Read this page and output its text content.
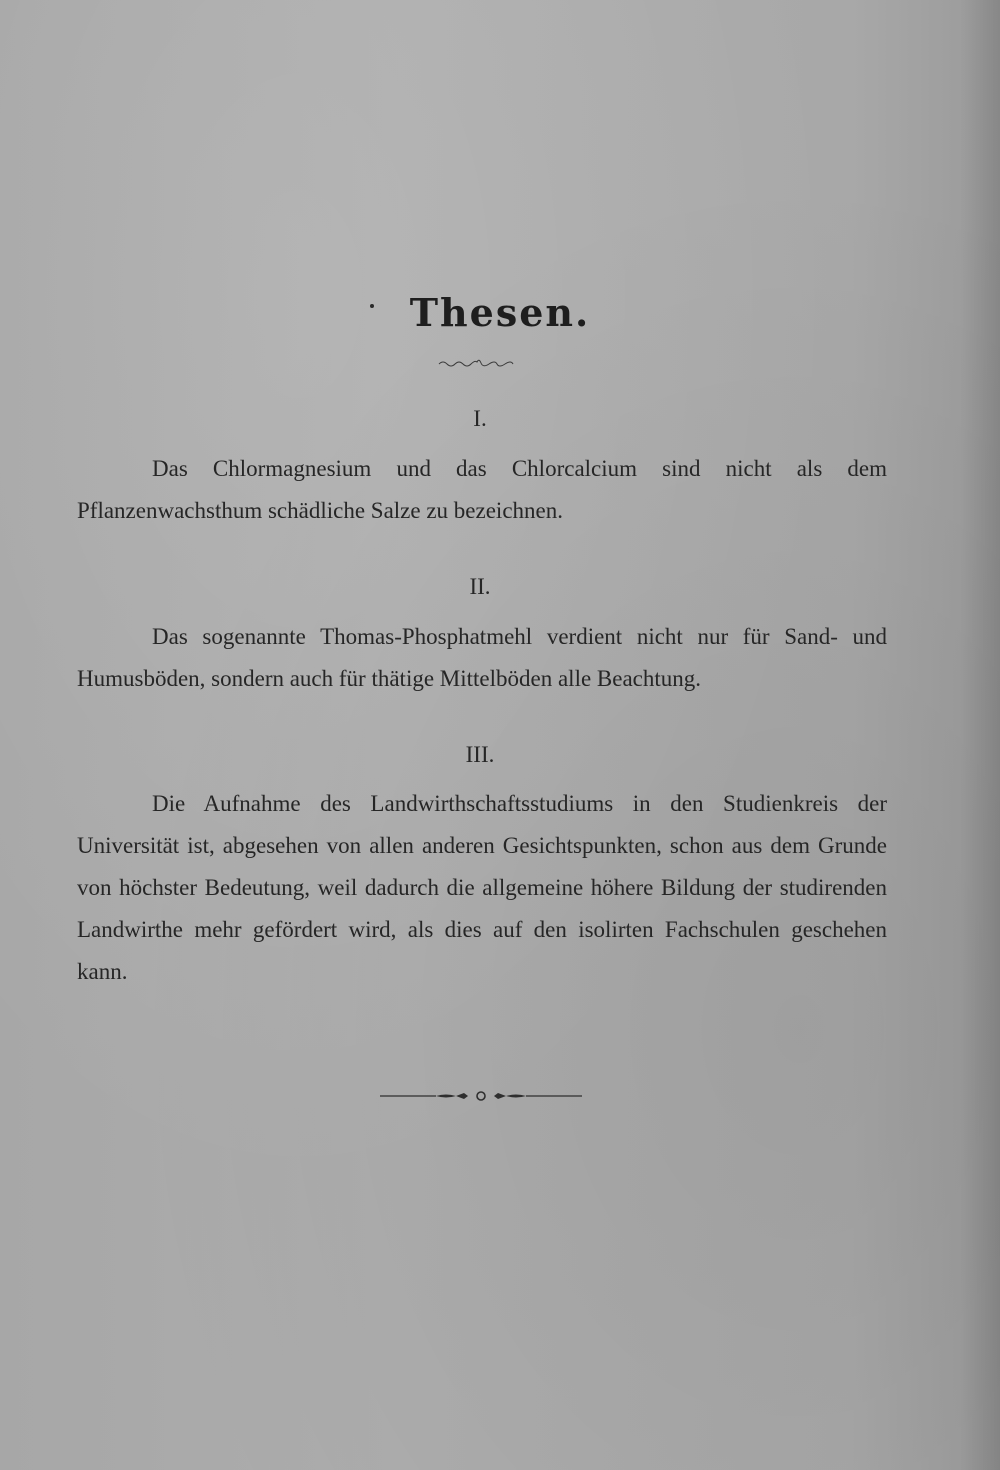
Thesen.
I.

Das Chlormagnesium und das Chlorcalcium sind nicht als dem Pflanzenwachsthum schädliche Salze zu bezeichnen.

II.

Das sogenannte Thomas-Phosphatmehl verdient nicht nur für Sand- und Humusböden, sondern auch für thätige Mittelböden alle Beachtung.

III.

Die Aufnahme des Landwirthschaftsstudiums in den Studienkreis der Universität ist, abgesehen von allen anderen Gesichtspunkten, schon aus dem Grunde von höchster Bedeutung, weil dadurch die allgemeine höhere Bildung der studirenden Landwirthe mehr gefördert wird, als dies auf den isolirten Fachschulen geschehen kann.
